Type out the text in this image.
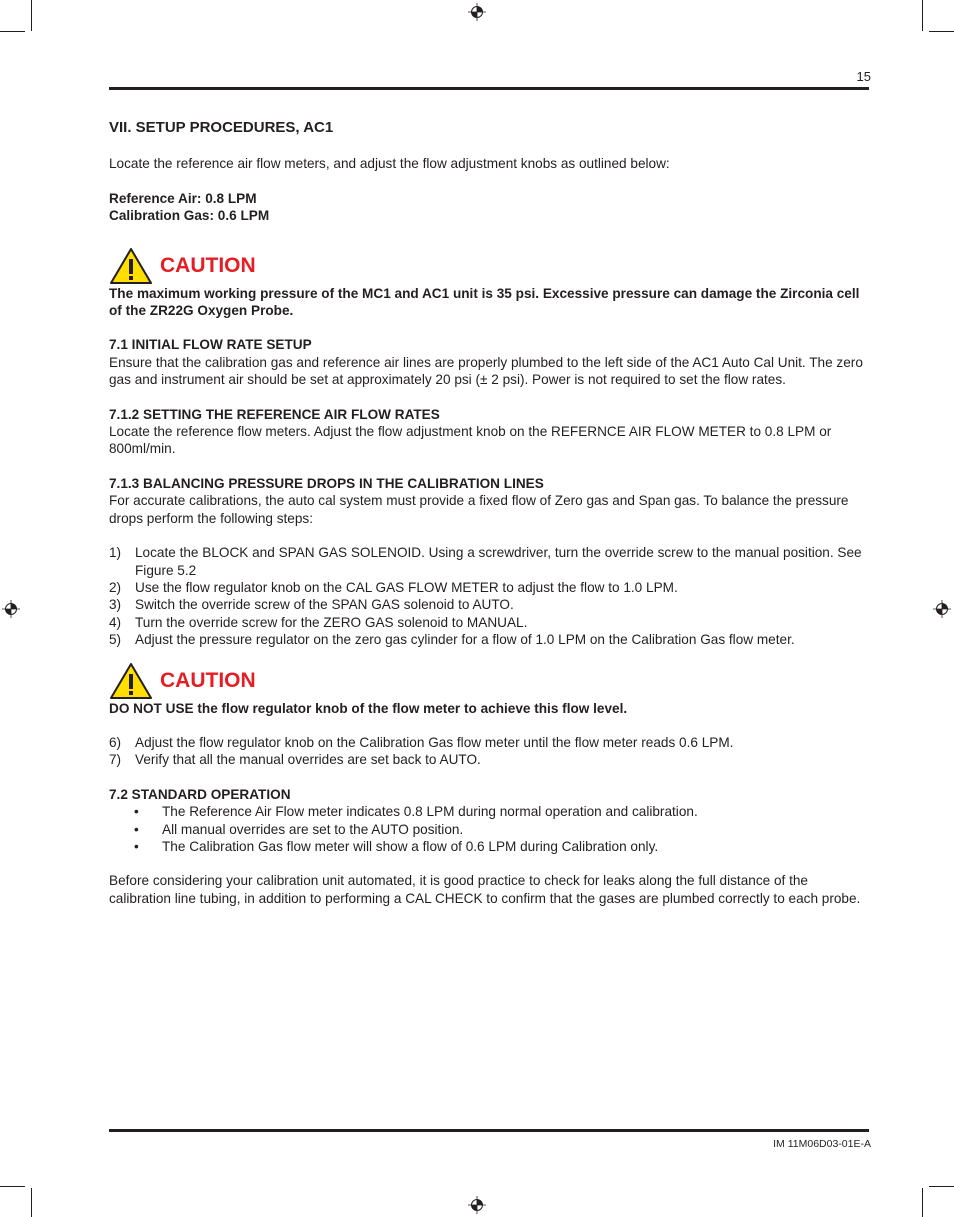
15

VII. SETUP PROCEDURES, AC1

Locate the reference air flow meters, and adjust the flow adjustment knobs as outlined below:

Reference Air: 0.8 LPM

Calibration Gas: 0.6 LPM

CAUTION

The maximum working pressure of the MC1 and AC1 unit is 35 psi. Excessive pressure can damage the Zirconia cell of the ZR22G Oxygen Probe.

7.1 INITIAL FLOW RATE SETUP

Ensure that the calibration gas and reference air lines are properly plumbed to the left side of the AC1 Auto Cal Unit. The zero gas and instrument air should be set at approximately 20 psi (± 2 psi). Power is not required to set the flow rates.

7.1.2 SETTING THE REFERENCE AIR FLOW RATES

Locate the reference flow meters. Adjust the flow adjustment knob on the REFERNCE AIR FLOW METER to 0.8 LPM or 800ml/min.

7.1.3 BALANCING PRESSURE DROPS IN THE CALIBRATION LINES

For accurate calibrations, the auto cal system must provide a fixed flow of Zero gas and Span gas. To balance the pressure drops perform the following steps:

1) Locate the BLOCK and SPAN GAS SOLENOID. Using a screwdriver, turn the override screw to the manual position. See Figure 5.2
2) Use the flow regulator knob on the CAL GAS FLOW METER to adjust the flow to 1.0 LPM.
3) Switch the override screw of the SPAN GAS solenoid to AUTO.
4) Turn the override screw for the ZERO GAS solenoid to MANUAL.
5) Adjust the pressure regulator on the zero gas cylinder for a flow of 1.0 LPM on the Calibration Gas flow meter.
CAUTION

DO NOT USE the flow regulator knob of the flow meter to achieve this flow level.

6) Adjust the flow regulator knob on the Calibration Gas flow meter until the flow meter reads 0.6 LPM.
7) Verify that all the manual overrides are set back to AUTO.

7.2 STANDARD OPERATION

• The Reference Air Flow meter indicates 0.8 LPM during normal operation and calibration.
• All manual overrides are set to the AUTO position.
• The Calibration Gas flow meter will show a flow of 0.6 LPM during Calibration only.

Before considering your calibration unit automated, it is good practice to check for leaks along the full distance of the calibration line tubing, in addition to performing a CAL CHECK to confirm that the gases are plumbed correctly to each probe.

IM 11M06D03-01E-A
